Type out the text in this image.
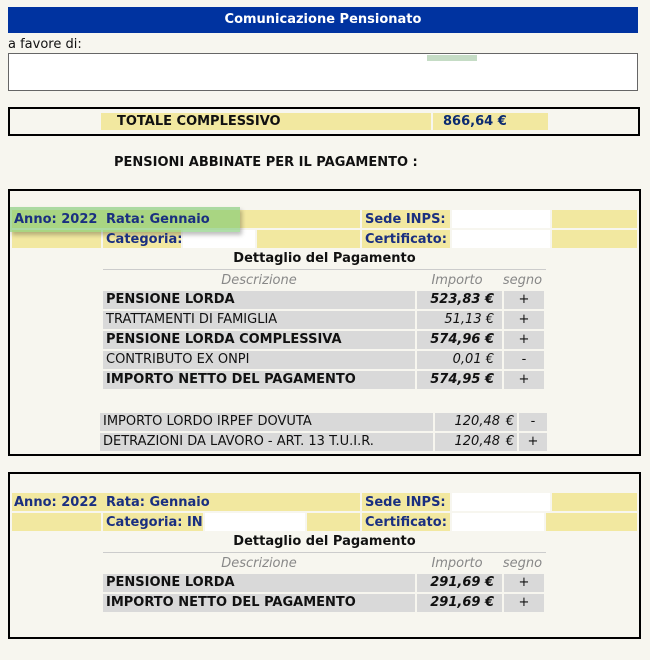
Comunicazione Pensionato
a favore di:
TOTALE COMPLESSIVO	866,64 €
PENSIONI ABBINATE PER IL PAGAMENTO :
Anno: 2022 Rata: Gennaio	Sede INPS:
Categoria:	Certificato:
Dettaglio del Pagamento
Descrizione	Importo	segno
PENSIONE LORDA	523,83 €	+
TRATTAMENTI DI FAMIGLIA	51,13 €	+
PENSIONE LORDA COMPLESSIVA	574,96 €	+
CONTRIBUTO EX ONPI	0,01 €	-
IMPORTO NETTO DEL PAGAMENTO	574,95 €	+
IMPORTO LORDO IRPEF DOVUTA	120,48 €	-
DETRAZIONI DA LAVORO - ART. 13 T.U.I.R.	120,48 €	+
Anno: 2022 Rata: Gennaio	Sede INPS:
Categoria: IN	Certificato:
Dettaglio del Pagamento
Descrizione	Importo	segno
PENSIONE LORDA	291,69 €	+
IMPORTO NETTO DEL PAGAMENTO	291,69 €	+
